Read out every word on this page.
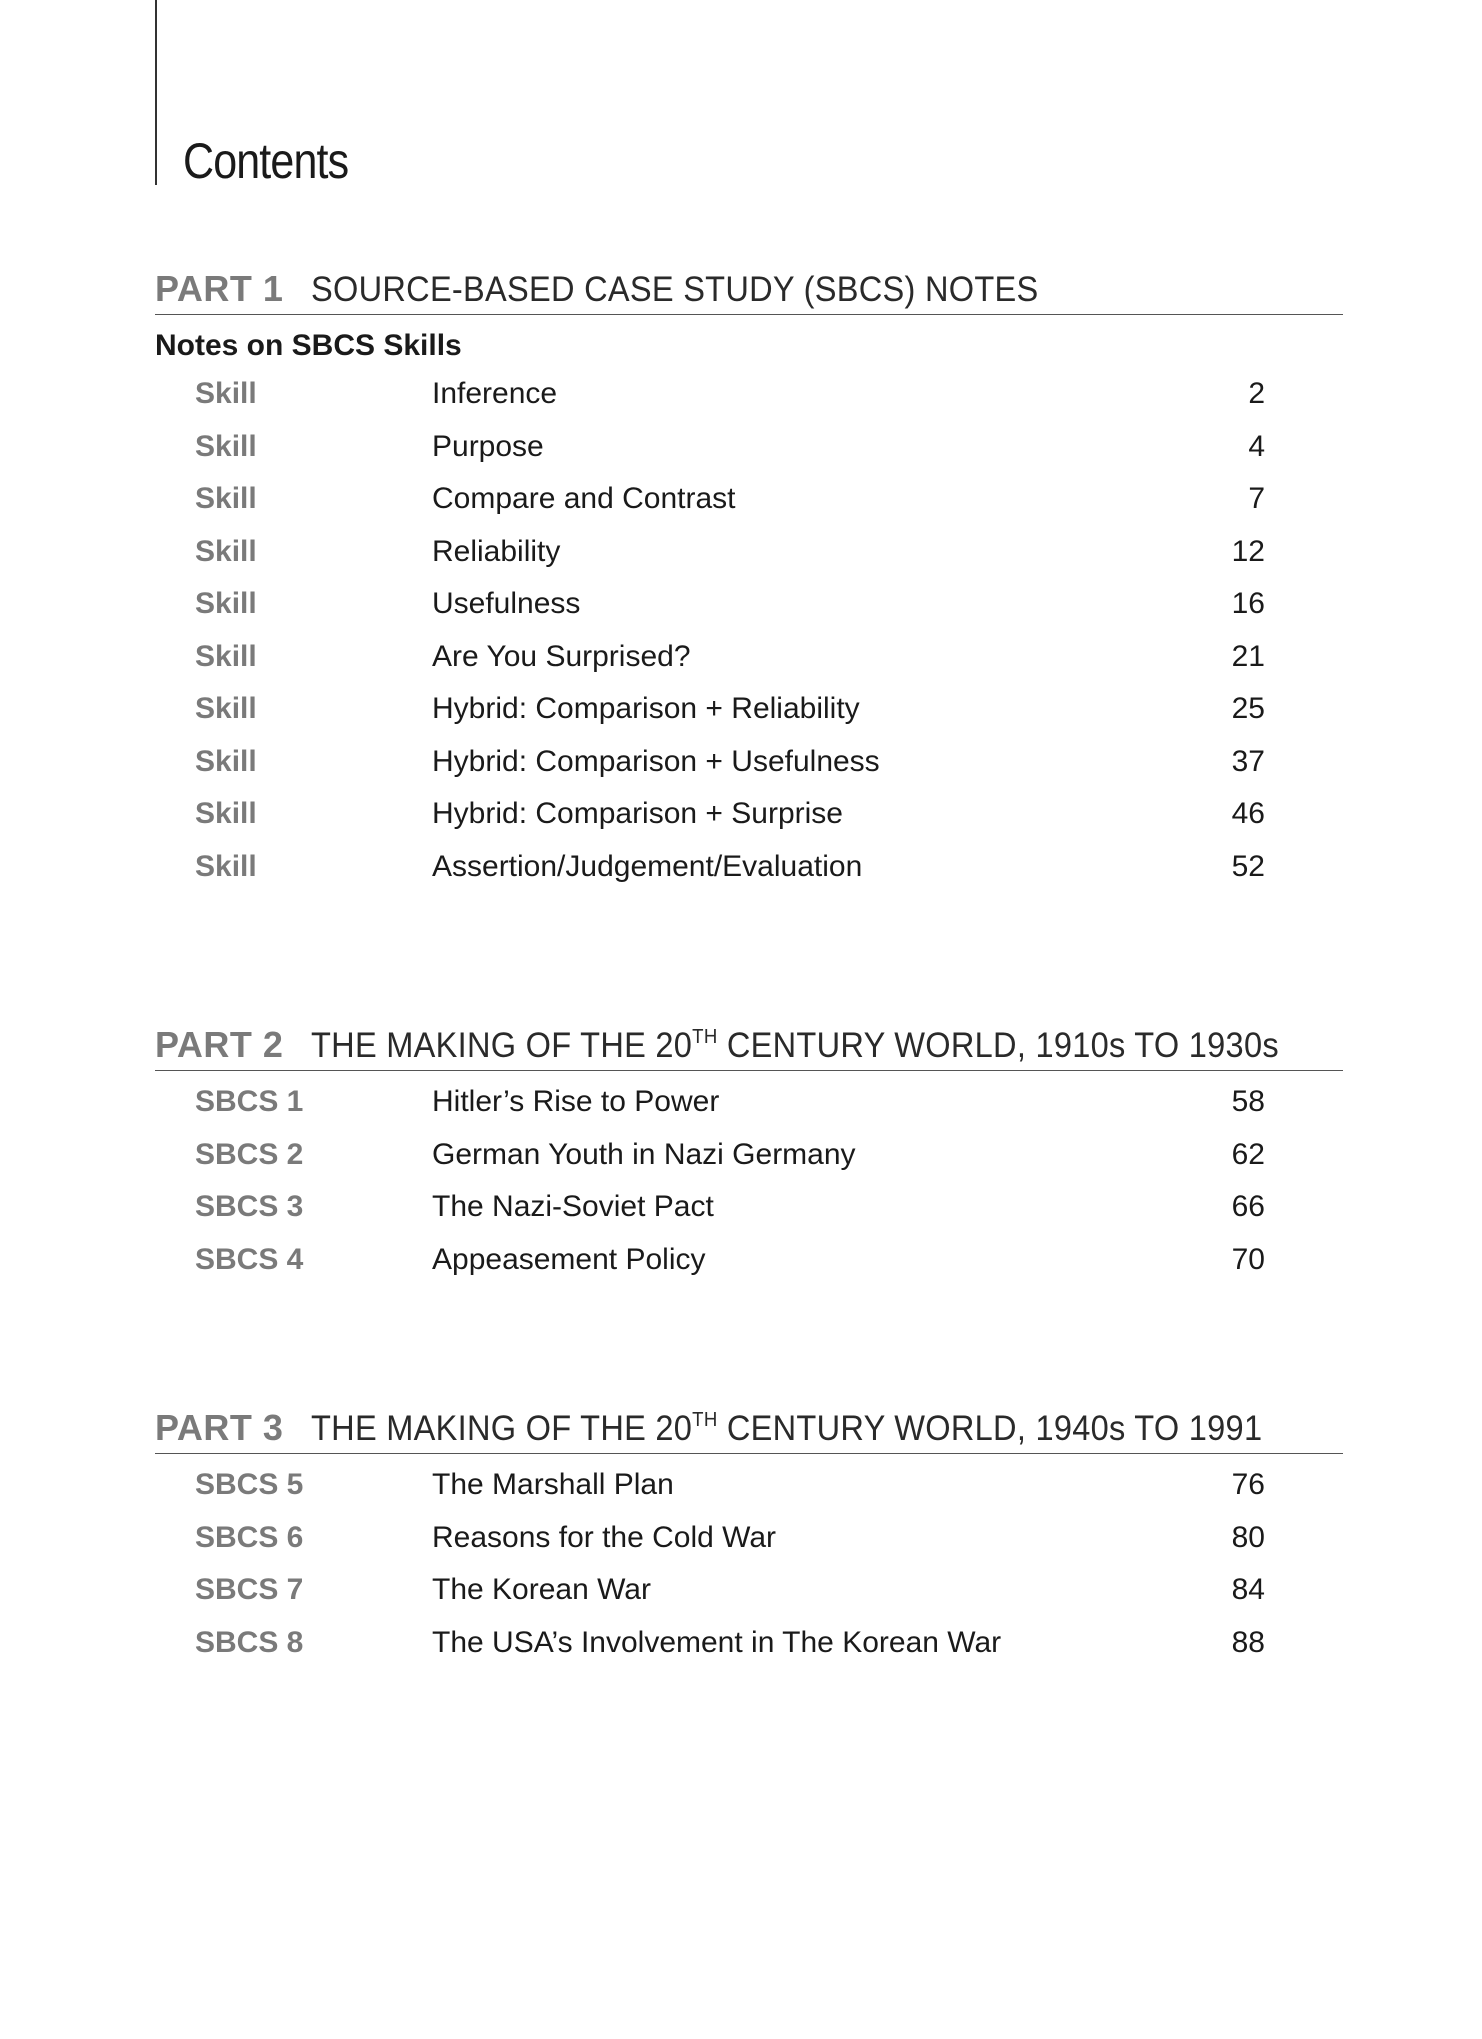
Contents
PART 1 SOURCE-BASED CASE STUDY (SBCS) NOTES
Notes on SBCS Skills
Skill	Inference	2
Skill	Purpose	4
Skill	Compare and Contrast	7
Skill	Reliability	12
Skill	Usefulness	16
Skill	Are You Surprised?	21
Skill	Hybrid: Comparison + Reliability	25
Skill	Hybrid: Comparison + Usefulness	37
Skill	Hybrid: Comparison + Surprise	46
Skill	Assertion/Judgement/Evaluation	52
PART 2 THE MAKING OF THE 20TH CENTURY WORLD, 1910s TO 1930s
SBCS 1	Hitler’s Rise to Power	58
SBCS 2	German Youth in Nazi Germany	62
SBCS 3	The Nazi-Soviet Pact	66
SBCS 4	Appeasement Policy	70
PART 3 THE MAKING OF THE 20TH CENTURY WORLD, 1940s TO 1991
SBCS 5	The Marshall Plan	76
SBCS 6	Reasons for the Cold War	80
SBCS 7	The Korean War	84
SBCS 8	The USA’s Involvement in The Korean War	88
